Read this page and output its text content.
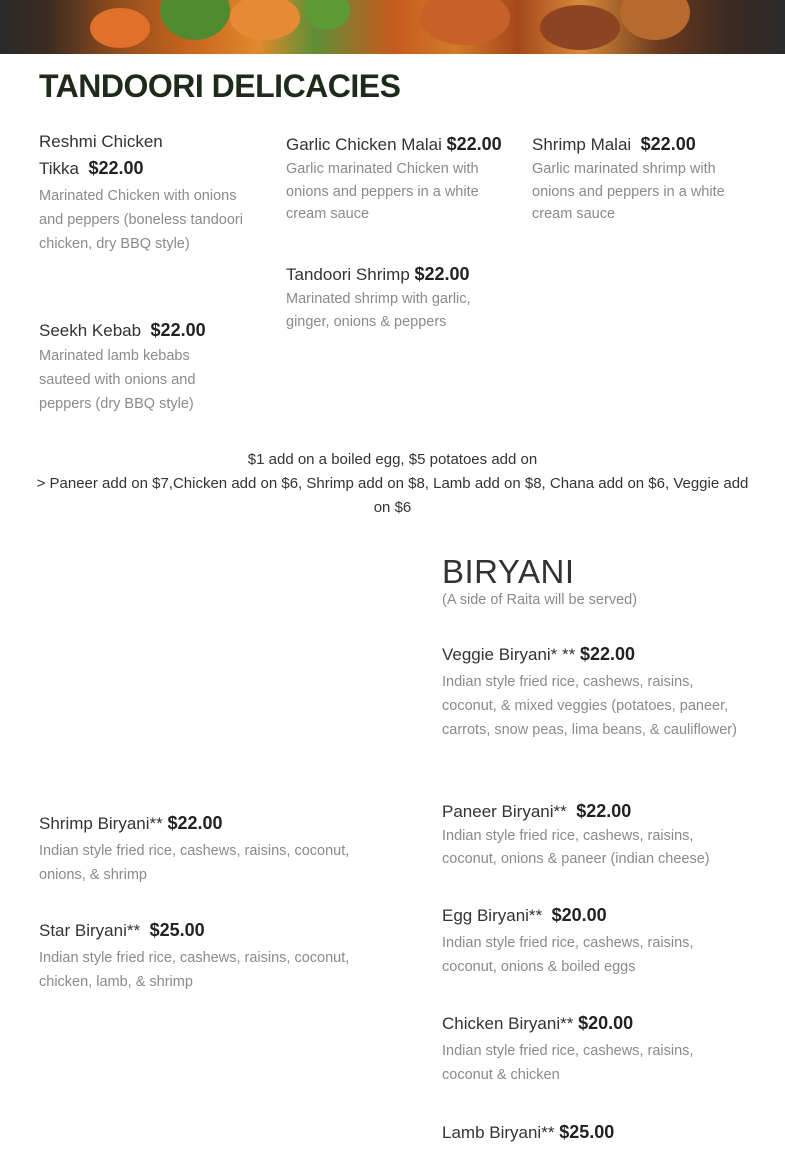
TANDOORI DELICACIES
Reshmi Chicken
Tikka $22.00
Marinated Chicken with onions and peppers (boneless tandoori chicken, dry BBQ style)
Garlic Chicken Malai $22.00
Garlic marinated Chicken with onions and peppers in a white cream sauce
Shrimp Malai $22.00
Garlic marinated shrimp with onions and peppers in a white cream sauce
Tandoori Shrimp $22.00
Marinated shrimp with garlic, ginger, onions & peppers
Seekh Kebab $22.00
Marinated lamb kebabs sauteed with onions and peppers (dry BBQ style)
$1 add on a boiled egg, $5 potatoes add on
> Paneer add on $7,Chicken add on $6, Shrimp add on $8, Lamb add on $8, Chana add on $6, Veggie add on $6
BIRYANI
(A side of Raita will be served)
Veggie Biryani* ** $22.00
Indian style fried rice, cashews, raisins, coconut, & mixed veggies (potatoes, paneer, carrots, snow peas, lima beans, & cauliflower)
Paneer Biryani** $22.00
Indian style fried rice, cashews, raisins, coconut, onions & paneer (indian cheese)
Egg Biryani** $20.00
Indian style fried rice, cashews, raisins, coconut, onions & boiled eggs
Chicken Biryani** $20.00
Indian style fried rice, cashews, raisins, coconut & chicken
Lamb Biryani** $25.00
Shrimp Biryani** $22.00
Indian style fried rice, cashews, raisins, coconut, onions, & shrimp
Star Biryani** $25.00
Indian style fried rice, cashews, raisins, coconut, chicken, lamb, & shrimp
